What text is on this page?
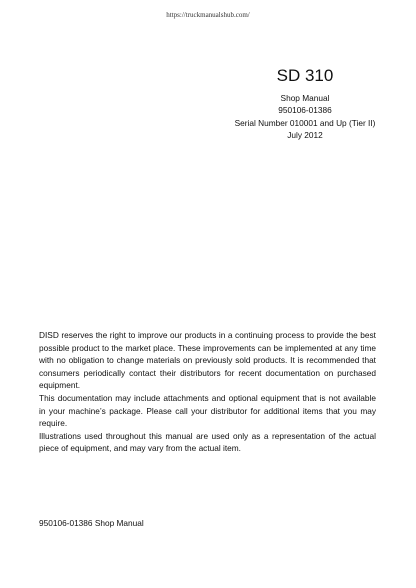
https://truckmanualshub.com/
SD 310
Shop Manual
950106-01386
Serial Number 010001 and Up (Tier II)
July 2012

DISD reserves the right to improve our products in a continuing process to provide the best possible product to the market place. These improvements can be implemented at any time with no obligation to change materials on previously sold products. It is recommended that consumers periodically contact their distributors for recent documentation on purchased equipment.

This documentation may include attachments and optional equipment that is not available in your machine’s package. Please call your distributor for additional items that you may require.

Illustrations used throughout this manual are used only as a representation of the actual piece of equipment, and may vary from the actual item.

950106-01386 Shop Manual
